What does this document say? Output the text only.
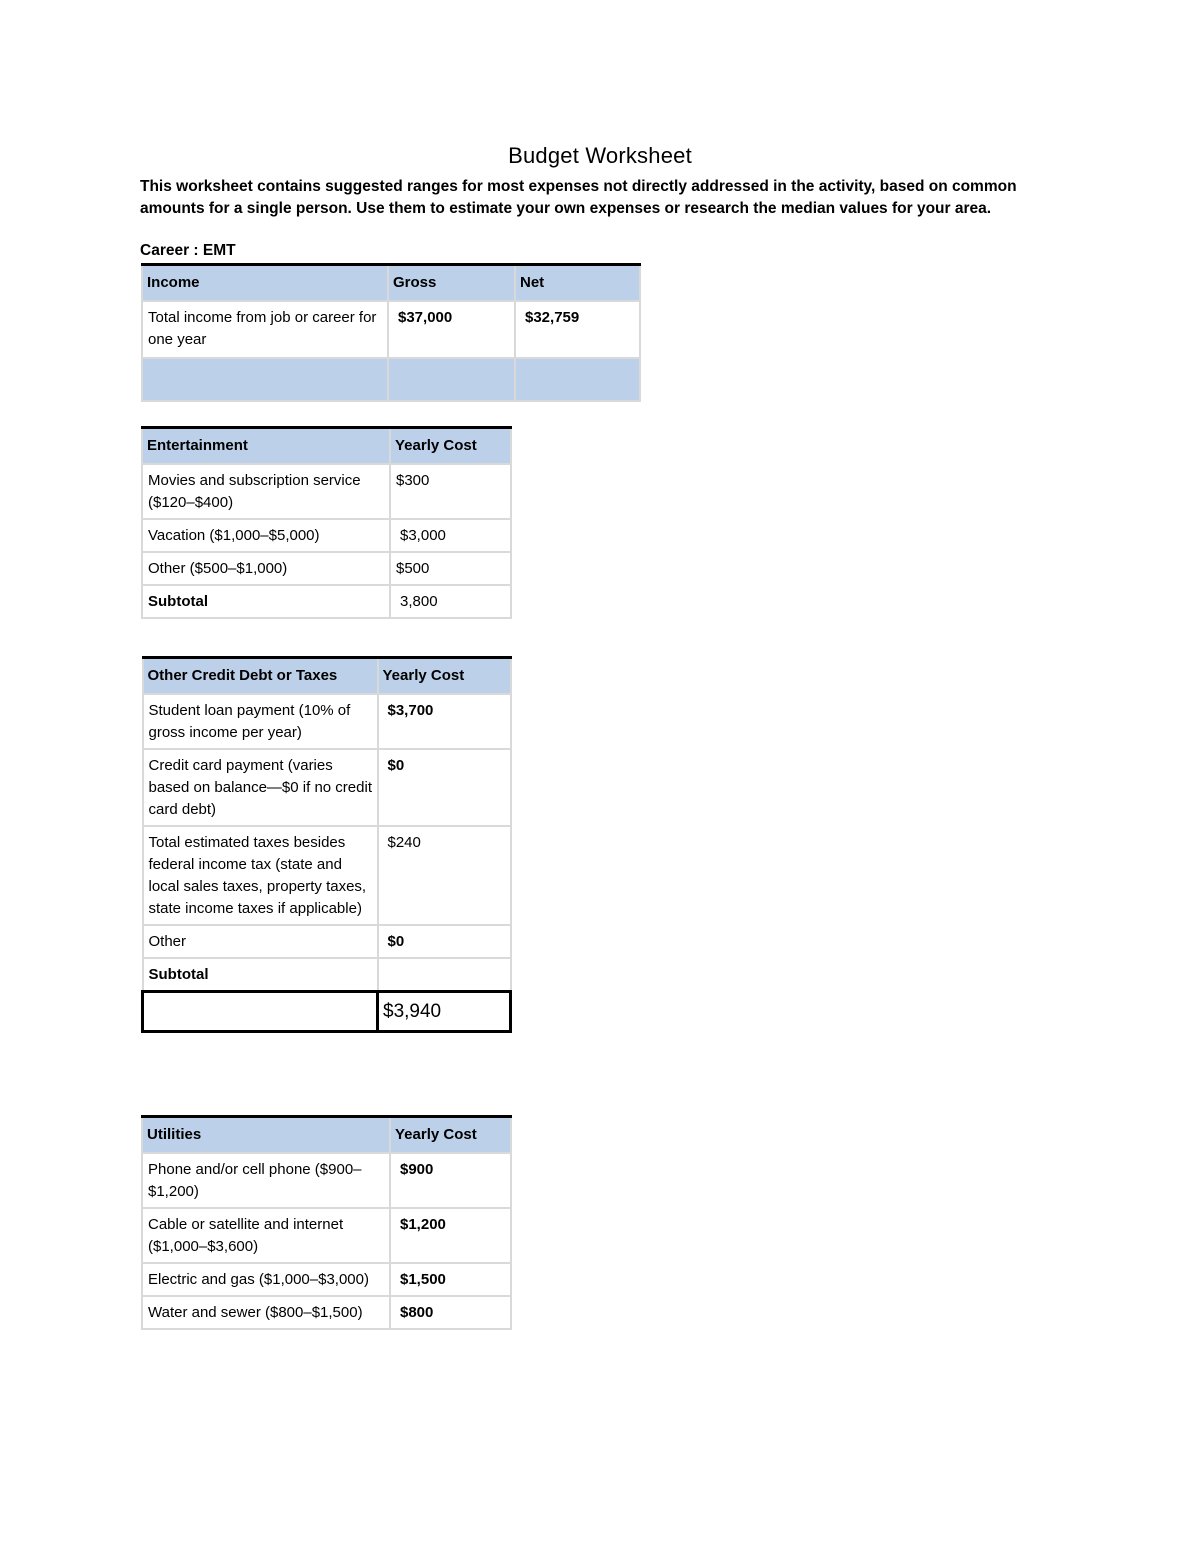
Budget Worksheet
This worksheet contains suggested ranges for most expenses not directly addressed in the activity, based on common amounts for a single person. Use them to estimate your own expenses or research the median values for your area.
Career : EMT
Income	Gross	Net
Total income from job or career for one year	$37,000	$32,759

Entertainment	Yearly Cost
Movies and subscription service ($120–$400)	$300
Vacation ($1,000–$5,000)	$3,000
Other ($500–$1,000)	$500
Subtotal	3,800
Other Credit Debt or Taxes	Yearly Cost
Student loan payment (10% of gross income per year)	$3,700
Credit card payment (varies based on balance—$0 if no credit card debt)	$0
Total estimated taxes besides federal income tax (state and local sales taxes, property taxes, state income taxes if applicable)	$240
Other	$0
Subtotal	
	$3,940
Utilities	Yearly Cost
Phone and/or cell phone ($900–$1,200)	$900
Cable or satellite and internet ($1,000–$3,600)	$1,200
Electric and gas ($1,000–$3,000)	$1,500
Water and sewer ($800–$1,500)	$800
